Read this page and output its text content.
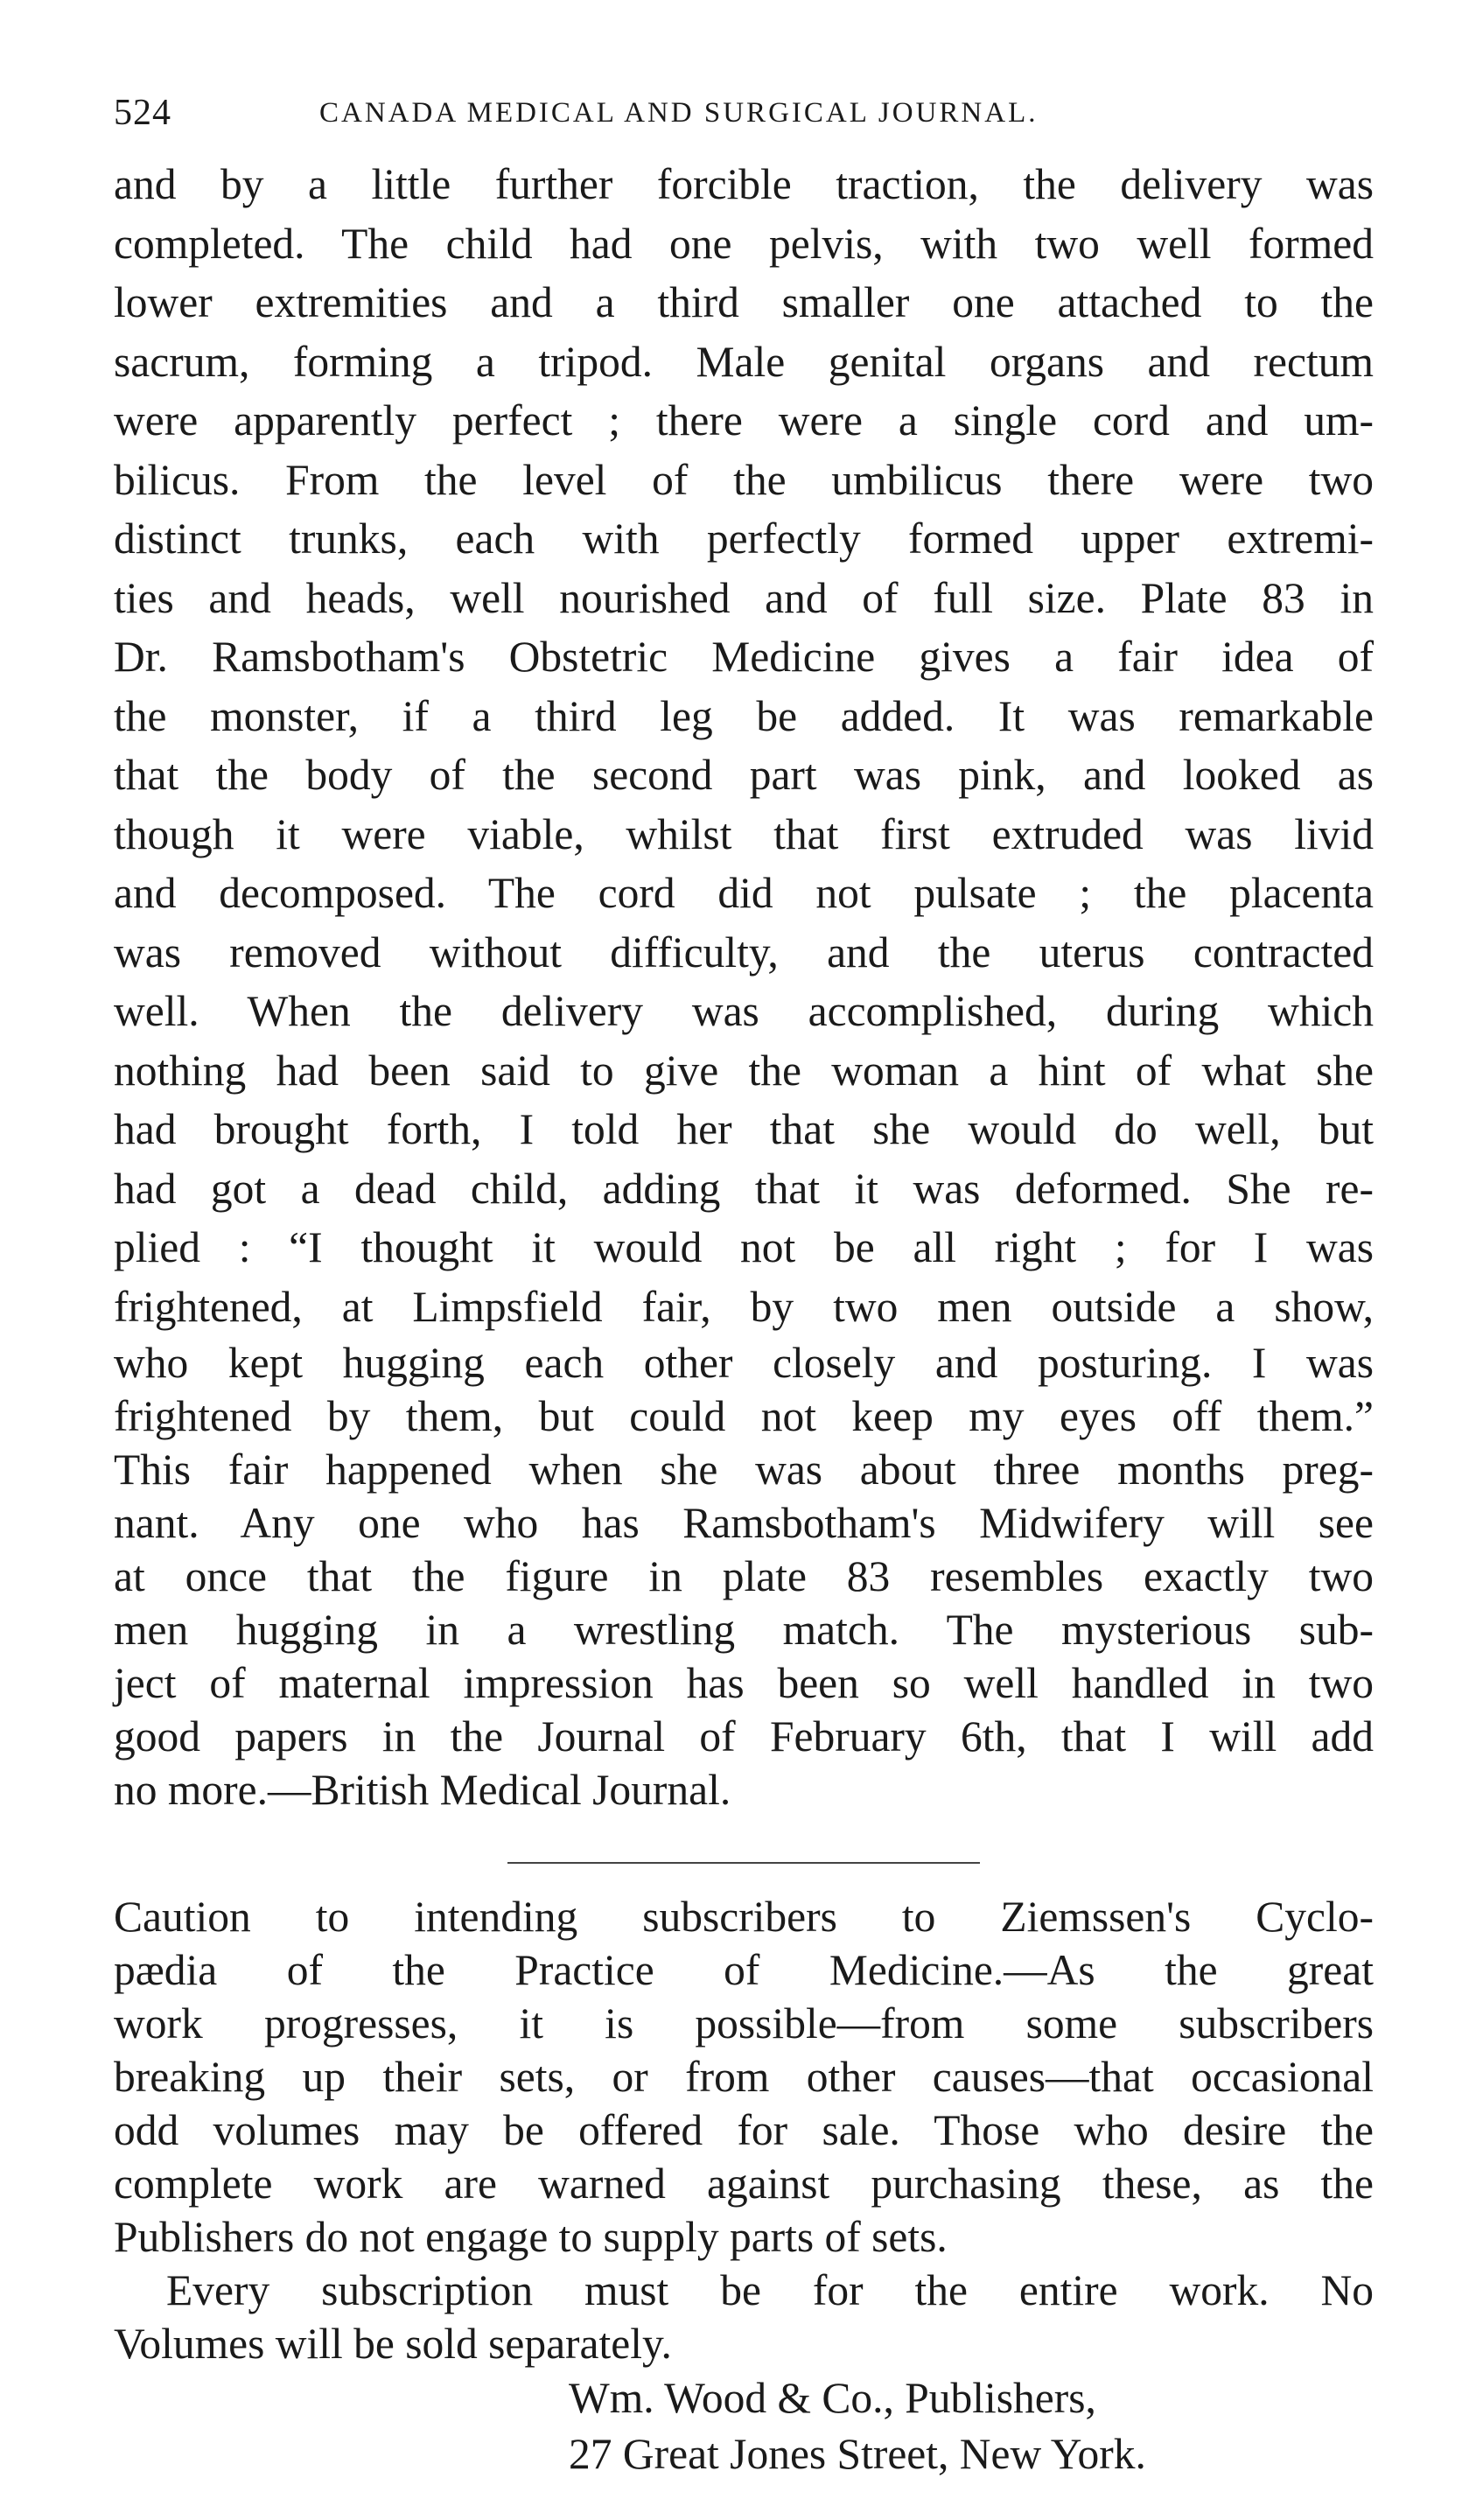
524	CANADA MEDICAL AND SURGICAL JOURNAL.
and by a little further forcible traction, the delivery was
completed. The child had one pelvis, with two well formed
lower extremities and a third smaller one attached to the
sacrum, forming a tripod. Male genital organs and rectum
were apparently perfect ; there were a single cord and um-
bilicus. From the level of the umbilicus there were two
distinct trunks, each with perfectly formed upper extremi-
ties and heads, well nourished and of full size. Plate 83 in
Dr. Ramsbotham's Obstetric Medicine gives a fair idea of
the monster, if a third leg be added. It was remarkable
that the body of the second part was pink, and looked as
though it were viable, whilst that first extruded was livid
and decomposed. The cord did not pulsate ; the placenta
was removed without difficulty, and the uterus contracted
well. When the delivery was accomplished, during which
nothing had been said to give the woman a hint of what she
had brought forth, I told her that she would do well, but
had got a dead child, adding that it was deformed. She re-
plied : “I thought it would not be all right ; for I was
frightened, at Limpsfield fair, by two men outside a show,
who kept hugging each other closely and posturing. I was
frightened by them, but could not keep my eyes off them.”
This fair happened when she was about three months preg-
nant. Any one who has Ramsbotham's Midwifery will see
at once that the figure in plate 83 resembles exactly two
men hugging in a wrestling match. The mysterious sub-
ject of maternal impression has been so well handled in two
good papers in the Journal of February 6th, that I will add
no more.—British Medical Journal.
Caution to intending subscribers to Ziemssen's Cyclo-
pædia of the Practice of Medicine.—As the great
work progresses, it is possible—from some subscribers
breaking up their sets, or from other causes—that occasional
odd volumes may be offered for sale. Those who desire the
complete work are warned against purchasing these, as the
Publishers do not engage to supply parts of sets.
Every subscription must be for the entire work. No
Volumes will be sold separately.
Wm. Wood & Co., Publishers,
27 Great Jones Street, New York.
